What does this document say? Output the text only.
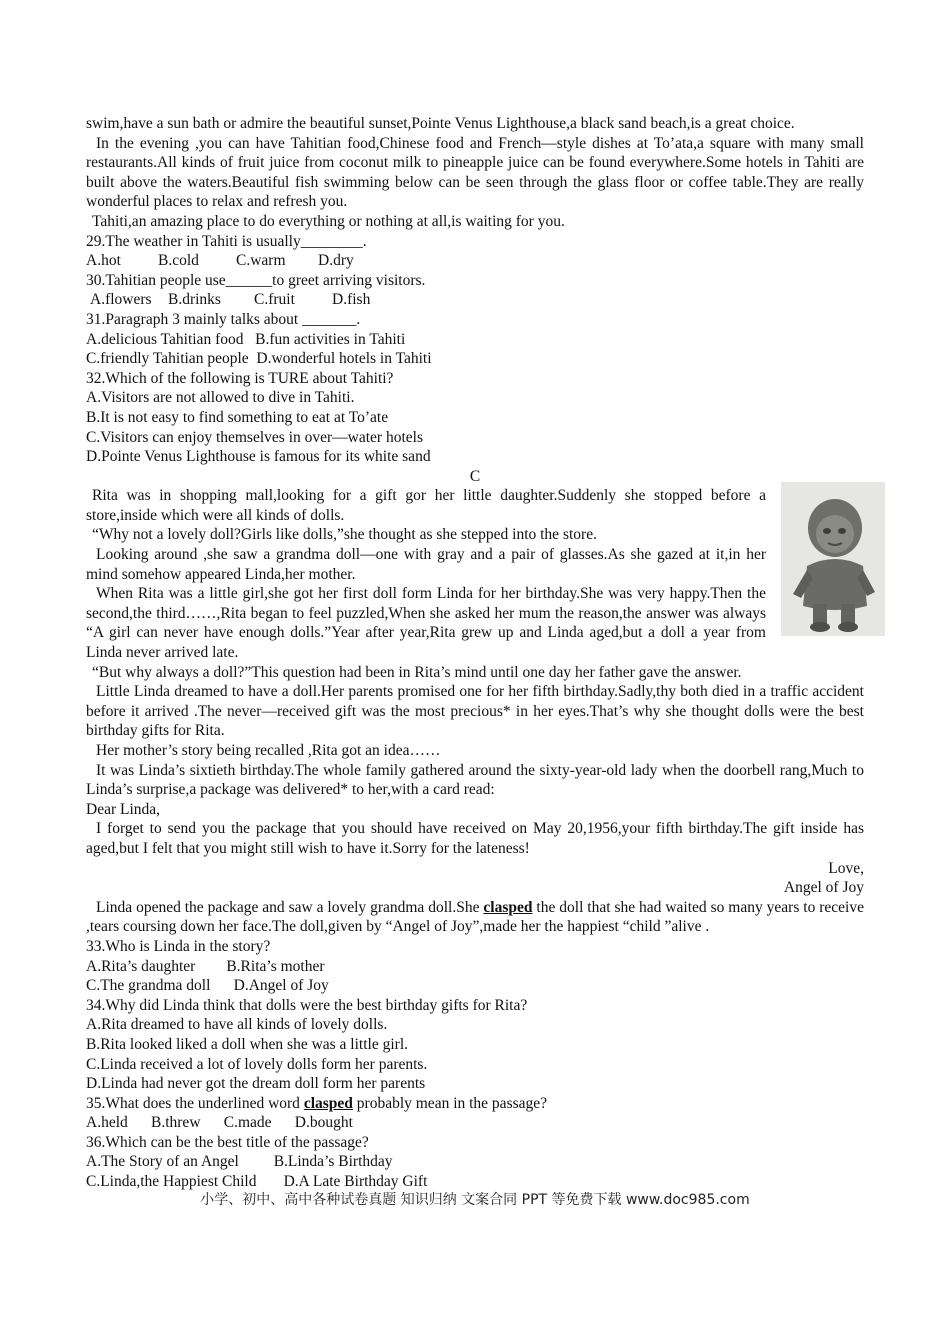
swim,have a sun bath or admire the beautiful sunset,Pointe Venus Lighthouse,a black sand beach,is a great choice.

In the evening ,you can have Tahitian food,Chinese food and French—style dishes at To’ata,a square with many small restaurants.All kinds of fruit juice from coconut milk to pineapple juice can be found everywhere.Some hotels in Tahiti are built above the waters.Beautiful fish swimming below can be seen through the glass floor or coffee table.They are really wonderful places to relax and refresh you.

Tahiti,an amazing place to do everything or nothing at all,is waiting for you.

29.The weather in Tahiti is usually________.

A.hot	B.cold	C.warm	D.dry

30.Tahitian people use______to greet arriving visitors.

A.flowers	B.drinks	C.fruit	D.fish

31.Paragraph 3 mainly talks about _______.

A.delicious Tahitian food   B.fun activities in Tahiti

C.friendly Tahitian people  D.wonderful hotels in Tahiti

32.Which of the following is TURE about Tahiti?

A.Visitors are not allowed to dive in Tahiti.

B.It is not easy to find something to eat at To’ate

C.Visitors can enjoy themselves in over—water hotels

D.Pointe Venus Lighthouse is famous for its white sand

C

Rita was in shopping mall,looking for a gift gor her little daughter.Suddenly she stopped before a store,inside which were all kinds of dolls.

“Why not a lovely doll?Girls like dolls,”she thought as she stepped into the store.

Looking around ,she saw a grandma doll—one with gray and a pair of glasses.As she gazed at it,in her mind somehow appeared Linda,her mother.

When Rita was a little girl,she got her first doll form Linda for her birthday.She was very happy.Then the second,the third……,Rita began to feel puzzled,When she asked her mum the reason,the answer was always “A girl can never have enough dolls.”Year after year,Rita grew up and Linda aged,but a doll a year from Linda never arrived late.

“But why always a doll?”This question had been in Rita’s mind until one day her father gave the answer.

Little Linda dreamed to have a doll.Her parents promised one for her fifth birthday.Sadly,thy both died in a traffic accident before it arrived .The never—received gift was the most precious* in her eyes.That’s why she thought dolls were the best birthday gifts for Rita.

Her mother’s story being recalled ,Rita got an idea……

It was Linda’s sixtieth birthday.The whole family gathered around the sixty-year-old lady when the doorbell rang,Much to Linda’s surprise,a package was delivered* to her,with a card read:

Dear Linda,

I forget to send you the package that you should have received on May 20,1956,your fifth birthday.The gift inside has aged,but I felt that you might still wish to have it.Sorry for the lateness!

Love,

Angel of Joy

Linda opened the package and saw a lovely grandma doll.She clasped the doll that she had waited so many years to receive ,tears coursing down her face.The doll,given by “Angel of Joy”,made her the happiest “child ”alive .

33.Who is Linda in the story?

A.Rita’s daughter        B.Rita’s mother

C.The grandma doll      D.Angel of Joy

34.Why did Linda think that dolls were the best birthday gifts for Rita?

A.Rita dreamed to have all kinds of lovely dolls.

B.Rita looked liked a doll when she was a little girl.

C.Linda received a lot of lovely dolls form her parents.

D.Linda had never got the dream doll form her parents

35.What does the underlined word clasped probably mean in the passage?

A.held      B.threw      C.made      D.bought

36.Which can be the best title of the passage?

A.The Story of an Angel         B.Linda’s Birthday

C.Linda,the Happiest Child       D.A Late Birthday Gift

小学、初中、高中各种试卷真题 知识归纳 文案合同 PPT 等免费下载 www.doc985.com
